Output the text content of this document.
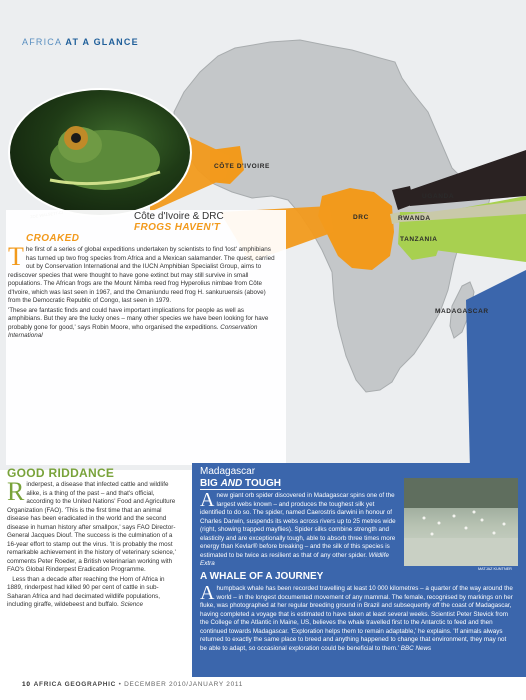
AFRICA AT A GLANCE
CÔTE D'IVOIRE
DRC
UGANDA
RWANDA
TANZANIA
MADAGASCAR
Côte d'Ivoire & DRC
FROGS HAVEN'T
CROAKED

The first of a series of global expeditions undertaken by scientists to find 'lost' amphibians has turned up two frog species from Africa and a Mexican salamander. The quest, carried out by Conservation International and the IUCN Amphibian Specialist Group, aims to rediscover species that were thought to have gone extinct but may still survive in small populations. The African frogs are the Mount Nimba reed frog Hyperolius nimbae from Côte d'Ivoire, which was last seen in 1967, and the Omaniundu reed frog H. sankuruensis (above) from the Democratic Republic of Congo, last seen in 1979.

'These are fantastic finds and could have important implications for people as well as amphibians. But they are the lucky ones – many other species we have been looking for have probably gone for good,' says Robin Moore, who organised the expeditions. Conservation International

GOOD RIDDANCE

Rinderpest, a disease that infected cattle and wildlife alike, is a thing of the past – and that's official, according to the United Nations' Food and Agriculture Organization (FAO). 'This is the first time that an animal disease has been eradicated in the world and the second disease in human history after smallpox,' says FAO Director-General Jacques Diouf. The success is the culmination of a 16-year effort to stamp out the virus. 'It is probably the most remarkable achievement in the history of veterinary science,' comments Peter Roeder, a British veterinarian working with FAO's Global Rinderpest Eradication Programme.

Less than a decade after reaching the Horn of Africa in 1889, rinderpest had killed 90 per cent of cattle in sub-Saharan Africa and had decimated wildlife populations, including giraffe, wildebeest and buffalo. Science

Madagascar
BIG AND TOUGH
Anew giant orb spider discovered in Madagascar spins one of the largest webs known – and produces the toughest silk yet identified to do so. The spider, named Caerostris darwini in honour of Charles Darwin, suspends its webs across rivers up to 25 metres wide (right, showing trapped mayflies). Spider silks combine strength and elasticity and are exceptionally tough, able to absorb three times more energy than Kevlar® before breaking – and the silk of this species is estimated to be twice as resilient as that of any other spider. Wildlife Extra
MATJAZ KUNTNER
A WHALE OF A JOURNEY
Ahumpback whale has been recorded travelling at least 10 000 kilometres – a quarter of the way around the world – in the longest documented movement of any mammal. The female, recognised by markings on her fluke, was photographed at her regular breeding ground in Brazil and subsequently off the coast of Madagascar, having completed a voyage that is estimated to have taken at least several weeks. Scientist Peter Stevick from the College of the Atlantic in Maine, US, believes the whale travelled first to the Antarctic to feed and then continued towards Madagascar. 'Exploration helps them to remain adaptable,' he explains. 'If animals always returned to exactly the same place to breed and anything happened to change that environment, they may not be able to adapt, so occasional exploration could be beneficial to them.' BBC News
10 AFRICA GEOGRAPHIC • DECEMBER 2010/JANUARY 2011
